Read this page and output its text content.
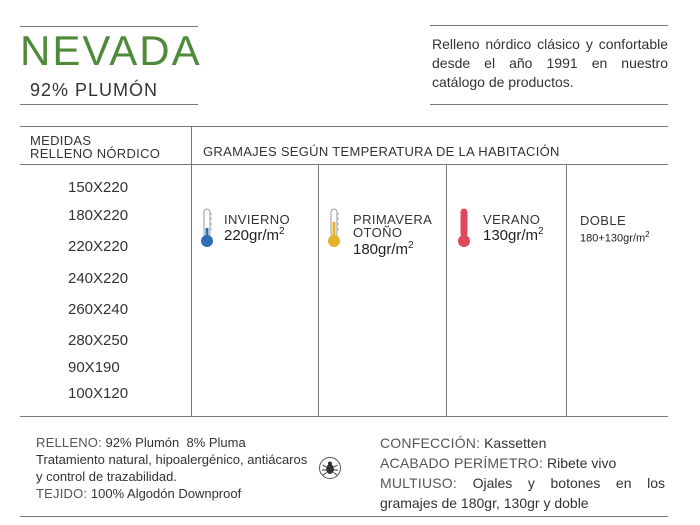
NEVADA
92% PLUMÓN
Relleno nórdico clásico y confortable desde el año 1991 en nuestro catálogo de productos.
MEDIDAS
RELLENO NÓRDICO	GRAMAJES SEGÚN TEMPERATURA DE LA HABITACIÓN
150X220
180X220
220X220
240X220
260X240
280X250
90X190
100X120
INVIERNO
$220gr/m^2$
PRIMAVERA
OTOÑO
$180gr/m^2$
VERANO
$130gr/m^2$
DOBLE
$180+130gr/m^2$
RELLENO: 92% Plumón  8% Pluma
Tratamiento natural, hipoalergénico, antiácaros
y control de trazabilidad.
TEJIDO: 100% Algodón Downproof
CONFECCIÓN: Kassetten
ACABADO PERÍMETRO: Ribete vivo
MULTIUSO: Ojales y botones en los
gramajes de 180gr, 130gr y doble
